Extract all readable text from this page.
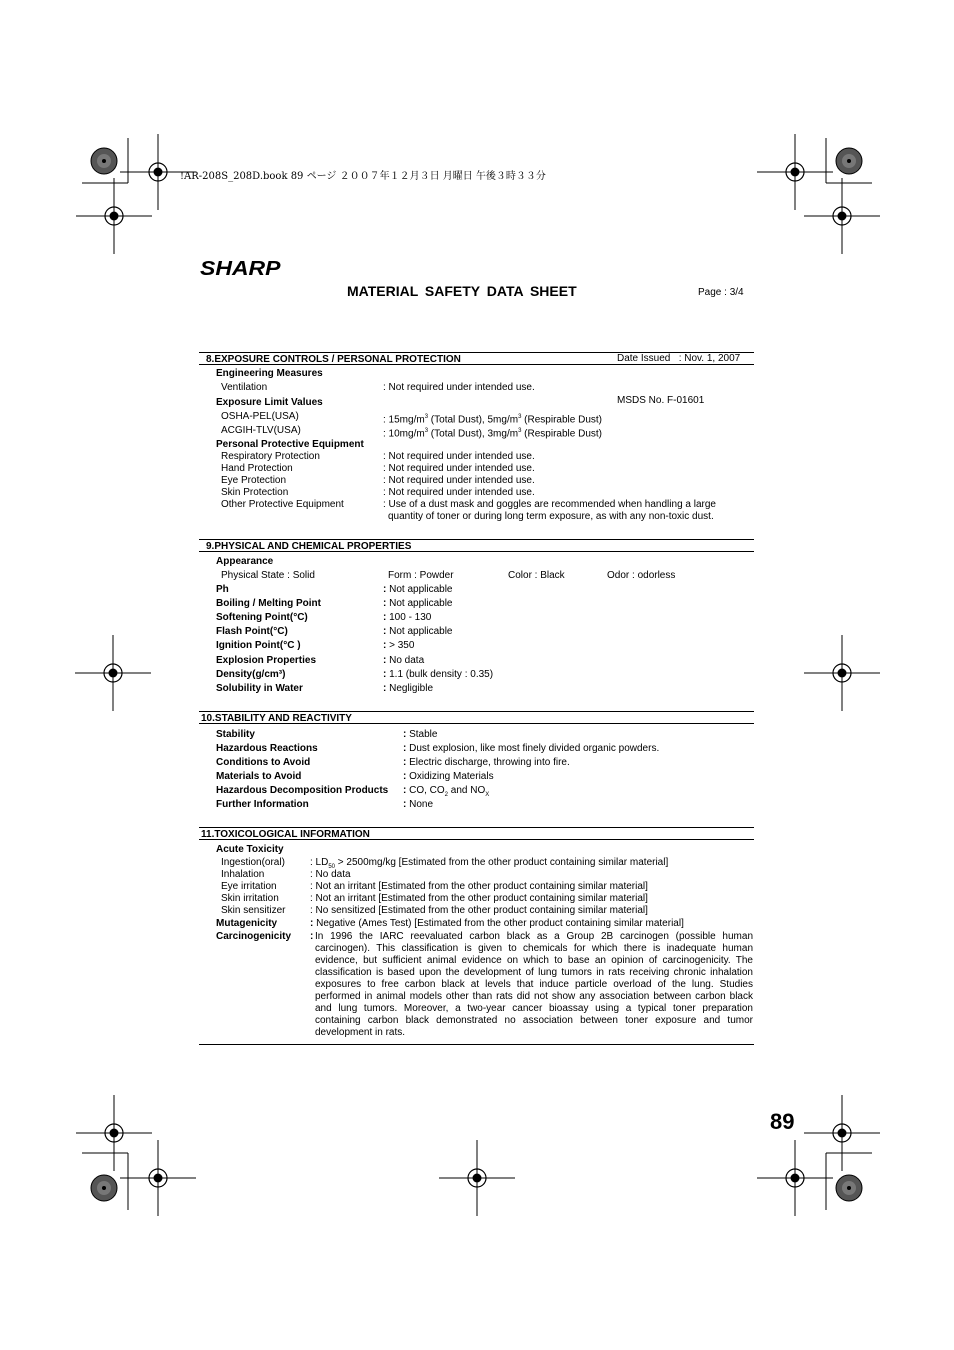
!AR-208S_208D.book 89 ページ ２００７年１２月３日 月曜日 午後３時３３分
SHARP
MATERIAL SAFETY DATA SHEET	Page : 3/4

Date Issued   : Nov. 1, 2007

MSDS No. F-01601

8.EXPOSURE CONTROLS / PERSONAL PROTECTION
Engineering Measures
Ventilation	: Not required under intended use.
Exposure Limit Values
OSHA-PEL(USA)	: $15mg/m^3$ (Total Dust), $5mg/m^3$ (Respirable Dust)
ACGIH-TLV(USA)	: $10mg/m^3$ (Total Dust), $3mg/m^3$ (Respirable Dust)
Personal Protective Equipment
Respiratory Protection	: Not required under intended use.
Hand Protection	: Not required under intended use.
Eye Protection	: Not required under intended use.
Skin Protection	: Not required under intended use.
Other Protective Equipment	: Use of a dust mask and goggles are recommended when handling a large
quantity of toner or during long term exposure, as with any non-toxic dust.
9.PHYSICAL AND CHEMICAL PROPERTIES
Appearance
Physical State : Solid	Form : Powder	Color : Black	Odor : odorless
Ph	: Not applicable
Boiling / Melting Point	: Not applicable
Softening Point(°C)	: 100 - 130
Flash Point(°C)	: Not applicable
Ignition Point(°C )	: > 350
Explosion Properties	: No data
Density(g/cm³)	: 1.1 (bulk density : 0.35)
Solubility in Water	: Negligible
10.STABILITY AND REACTIVITY
Stability	: Stable
Hazardous Reactions	: Dust explosion, like most finely divided organic powders.
Conditions to Avoid	: Electric discharge, throwing into fire.
Materials to Avoid	: Oxidizing Materials
Hazardous Decomposition Products : CO, $CO_2$ and $NO_X$
Further Information	: None
11.TOXICOLOGICAL INFORMATION
Acute Toxicity
Ingestion(oral)	: $LD_{50} > 2500mg/kg$ [Estimated from the other product containing similar material]
Inhalation	: No data
Eye irritation	: Not an irritant [Estimated from the other product containing similar material]
Skin irritation	: Not an irritant [Estimated from the other product containing similar material]
Skin sensitizer : No sensitized [Estimated from the other product containing similar material]
Mutagenicity	: Negative (Ames Test) [Estimated from the other product containing similar material]
Carcinogenicity : In 1996 the IARC reevaluated carbon black as a Group 2B carcinogen (possible human carcinogen). This classification is given to chemicals for which there is inadequate human evidence, but sufficient animal evidence on which to base an opinion of carcinogenicity. The classification is based upon the development of lung tumors in rats receiving chronic inhalation exposures to free carbon black at levels that induce particle overload of the lung. Studies performed in animal models other than rats did not show any association between carbon black and lung tumors. Moreover, a two-year cancer bioassay using a typical toner preparation containing carbon black demonstrated no association between toner exposure and tumor development in rats.
89
